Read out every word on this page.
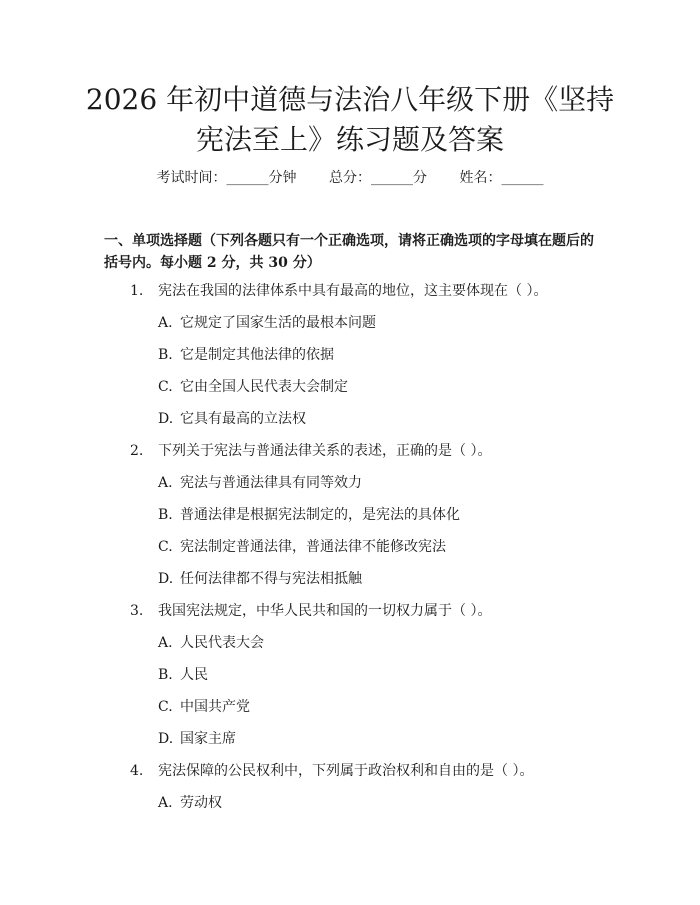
2026 年初中道德与法治八年级下册《坚持宪法至上》练习题及答案
考试时间：______分钟 总分：______分 姓名：______

一、单项选择题（下列各题只有一个正确选项，请将正确选项的字母填在题后的括号内。每小题 2 分，共 30 分）

1. 宪法在我国的法律体系中具有最高的地位，这主要体现在（ ）。
A. 它规定了国家生活的最根本问题
B. 它是制定其他法律的依据
C. 它由全国人民代表大会制定
D. 它具有最高的立法权
2. 下列关于宪法与普通法律关系的表述，正确的是（ ）。
A. 宪法与普通法律具有同等效力
B. 普通法律是根据宪法制定的，是宪法的具体化
C. 宪法制定普通法律，普通法律不能修改宪法
D. 任何法律都不得与宪法相抵触
3. 我国宪法规定，中华人民共和国的一切权力属于（ ）。
A. 人民代表大会
B. 人民
C. 中国共产党
D. 国家主席
4. 宪法保障的公民权利中，下列属于政治权利和自由的是（ ）。
A. 劳动权
